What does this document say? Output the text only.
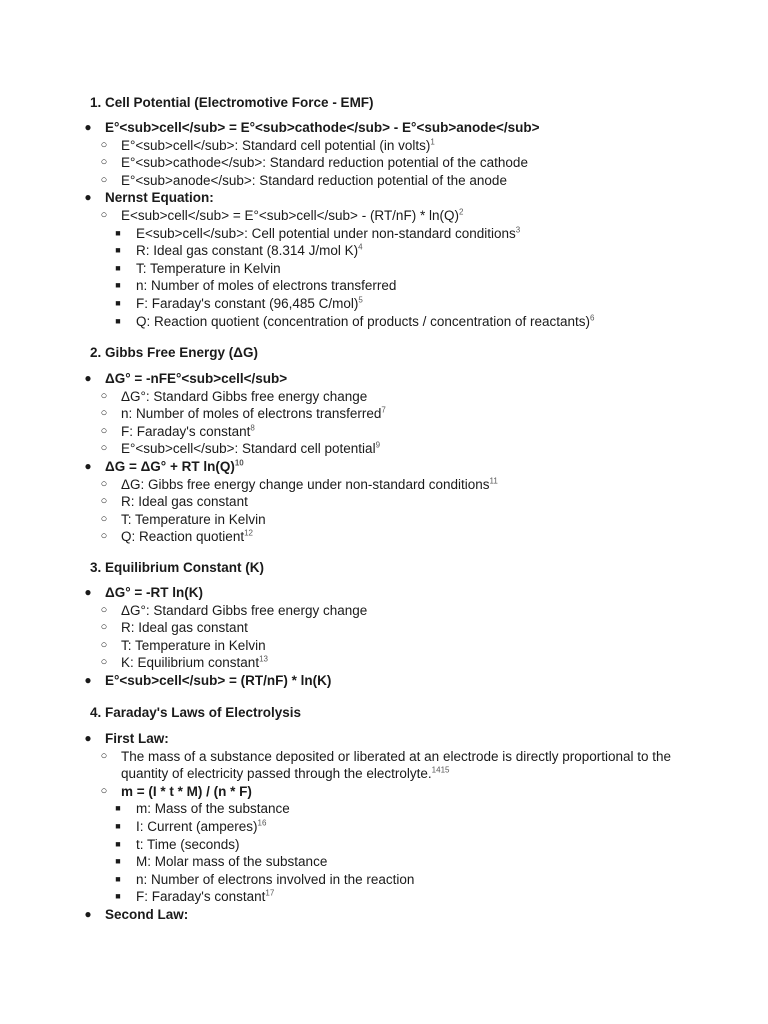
1. Cell Potential (Electromotive Force - EMF)
● E°<sub>cell</sub> = E°<sub>cathode</sub> - E°<sub>anode</sub>
○ E°<sub>cell</sub>: Standard cell potential (in volts)$^1$
○ E°<sub>cathode</sub>: Standard reduction potential of the cathode
○ E°<sub>anode</sub>: Standard reduction potential of the anode
● Nernst Equation:
○ E<sub>cell</sub> = E°<sub>cell</sub> - (RT/nF) * ln(Q)$^2$
■	E<sub>cell</sub>: Cell potential under non-standard conditions$^3$
■	R: Ideal gas constant (8.314 J/mol K)$^4$
■	T: Temperature in Kelvin
■	n: Number of moles of electrons transferred
■	F: Faraday's constant (96,485 C/mol)$^5$
■	Q: Reaction quotient (concentration of products / concentration of reactants)$^6$
2. Gibbs Free Energy (ΔG)
● ΔG° = -nFE°<sub>cell</sub>
○ ΔG°: Standard Gibbs free energy change
○ n: Number of moles of electrons transferred$^7$
○ F: Faraday's constant$^8$
○ E°<sub>cell</sub>: Standard cell potential$^9$
● ΔG = ΔG° + RT ln(Q)$^{10}$
○ ΔG: Gibbs free energy change under non-standard conditions$^{11}$
○ R: Ideal gas constant
○ T: Temperature in Kelvin
○ Q: Reaction quotient$^{12}$
3. Equilibrium Constant (K)
● ΔG° = -RT ln(K)
○ ΔG°: Standard Gibbs free energy change
○ R: Ideal gas constant
○ T: Temperature in Kelvin
○ K: Equilibrium constant$^{13}$
● E°<sub>cell</sub> = (RT/nF) * ln(K)
4. Faraday's Laws of Electrolysis
● First Law:
○ The mass of a substance deposited or liberated at an electrode is directly proportional to the quantity of electricity passed through the electrolyte.$^{1415}$
○ m = (I * t * M) / (n * F)
■	m: Mass of the substance
■	I: Current (amperes)$^{16}$
■	t: Time (seconds)
■	M: Molar mass of the substance
■	n: Number of electrons involved in the reaction
■	F: Faraday's constant$^{17}$
● Second Law:
